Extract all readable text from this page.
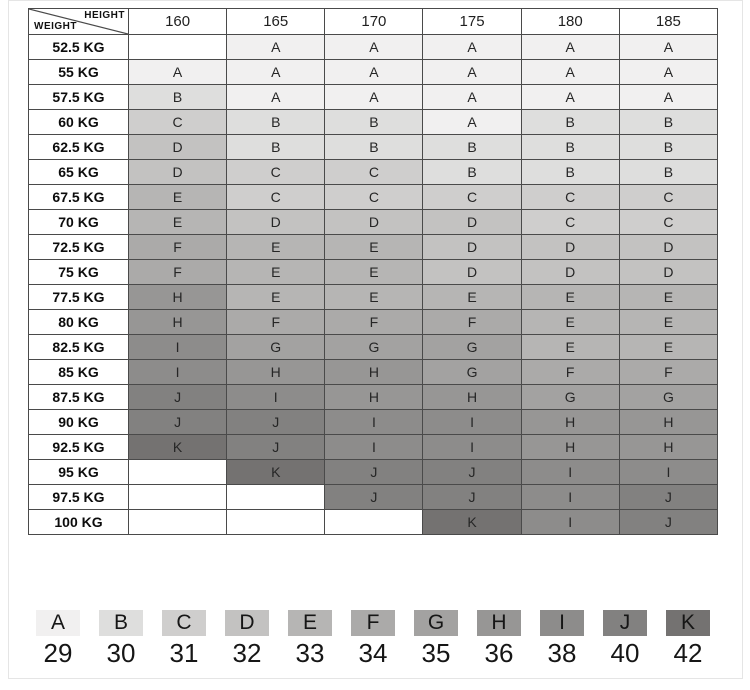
HEIGHT
WEIGHT	160	165	170	175	180	185
52.5 KG		A	A	A	A	A
55 KG	A	A	A	A	A	A
57.5 KG	B	A	A	A	A	A
60 KG	C	B	B	A	B	B
62.5 KG	D	B	B	B	B	B
65 KG	D	C	C	B	B	B
67.5 KG	E	C	C	C	C	C
70 KG	E	D	D	D	C	C
72.5 KG	F	E	E	D	D	D
75 KG	F	E	E	D	D	D
77.5 KG	H	E	E	E	E	E
80 KG	H	F	F	F	E	E
82.5 KG	I	G	G	G	E	E
85 KG	I	H	H	G	F	F
87.5 KG	J	I	H	H	G	G
90 KG	J	J	I	I	H	H
92.5 KG	K	J	I	I	H	H
95 KG		K	J	J	I	I
97.5 KG			J	J	I	J
100 KG				K	I	J
A
29
B
30
C
31
D
32
E
33
F
34
G
35
H
36
I
38
J
40
K
42
